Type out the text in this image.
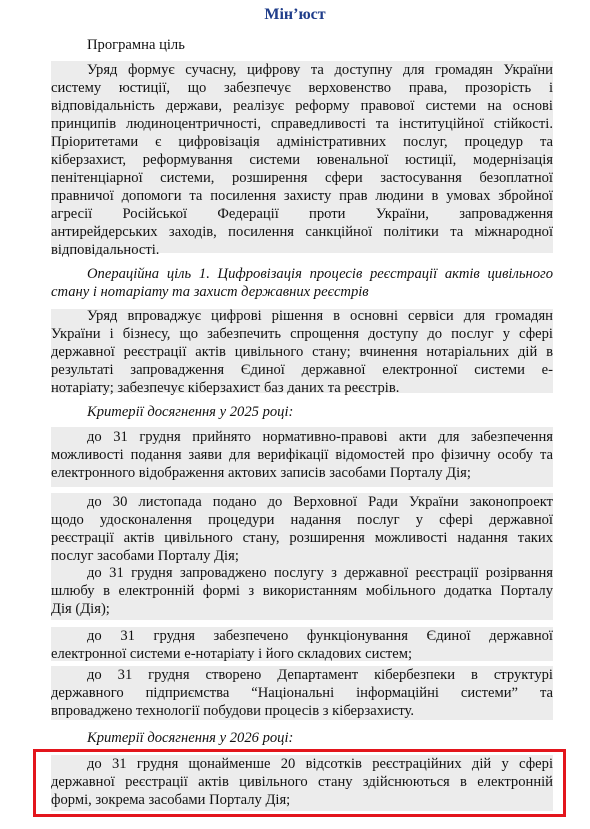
Мін’юст
Програмна ціль
Уряд формує сучасну, цифрову та доступну для громадян України
систему юстиції, що забезпечує верховенство права, прозорість і
відповідальність держави, реалізує реформу правової системи на основі
принципів людиноцентричності, справедливості та інституційної стійкості.
Пріоритетами є цифровізація адміністративних послуг, процедур та
кіберзахист, реформування системи ювенальної юстиції, модернізація
пенітенціарної системи, розширення сфери застосування безоплатної
правничої допомоги та посилення захисту прав людини в умовах збройної
агресії Російської Федерації проти України, запровадження
антирейдерських заходів, посилення санкційної політики та міжнародної
відповідальності.
Операційна ціль 1. Цифровізація процесів реєстрації актів цивільного
стану і нотаріату та захист державних реєстрів
Уряд впроваджує цифрові рішення в основні сервіси для громадян
України і бізнесу, що забезпечить спрощення доступу до послуг у сфері
державної реєстрації актів цивільного стану; вчинення нотаріальних дій в
результаті запровадження Єдиної державної електронної системи е-
нотаріату; забезпечує кіберзахист баз даних та реєстрів.
Критерії досягнення у 2025 році:
до 31 грудня прийнято нормативно-правові акти для забезпечення
можливості подання заяви для верифікації відомостей про фізичну особу та
електронного відображення актових записів засобами Порталу Дія;
до 30 листопада подано до Верховної Ради України законопроект
щодо удосконалення процедури надання послуг у сфері державної
реєстрації актів цивільного стану, розширення можливості надання таких
послуг засобами Порталу Дія;
до 31 грудня запроваджено послугу з державної реєстрації розірвання
шлюбу в електронній формі з використанням мобільного додатка Порталу
Дія (Дія);
до 31 грудня забезпечено функціонування Єдиної державної
електронної системи е-нотаріату і його складових систем;
до 31 грудня створено Департамент кібербезпеки в структурі
державного підприємства “Національні інформаційні системи” та
впроваджено технології побудови процесів з кіберзахисту.
Критерії досягнення у 2026 році:
до 31 грудня щонайменше 20 відсотків реєстраційних дій у сфері
державної реєстрації актів цивільного стану здійснюються в електронній
формі, зокрема засобами Порталу Дія;
